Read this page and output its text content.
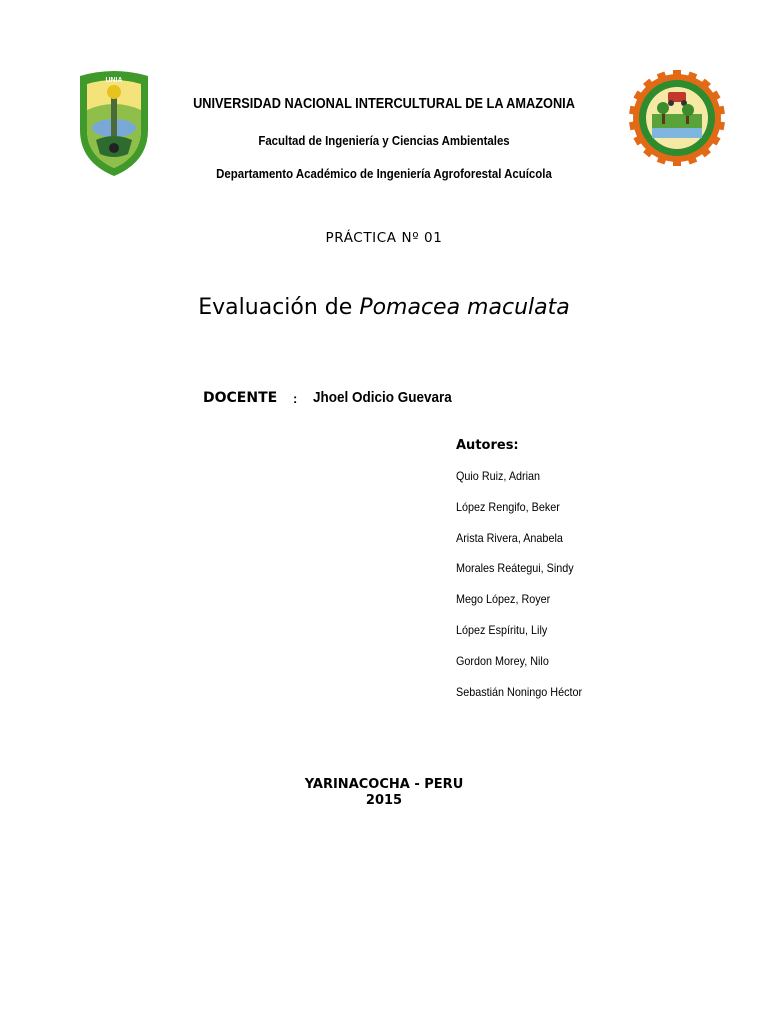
UNIA
UNIVERSIDAD NACIONAL INTERCULTURAL DE LA AMAZONIA
Facultad de Ingeniería y Ciencias Ambientales
Departamento Académico de Ingeniería Agroforestal Acuícola
PRÁCTICA Nº 01
Evaluación de Pomacea maculata
DOCENTE : Jhoel Odicio Guevara
Autores:
Quio Ruiz, Adrian
López Rengifo, Beker
Arista Rivera, Anabela
Morales Reátegui, Sindy
Mego López, Royer
López Espíritu, Lily
Gordon Morey, Nilo
Sebastián Noningo Héctor
YARINACOCHA - PERU
2015
